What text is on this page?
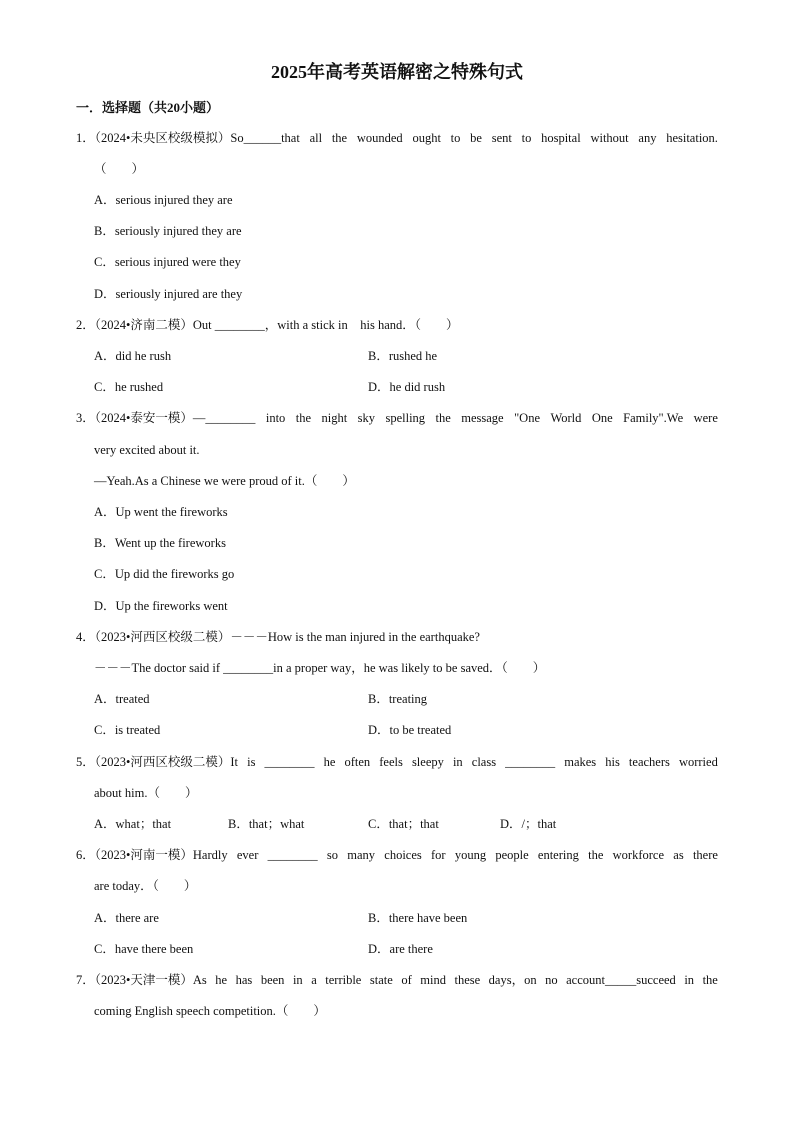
2025年高考英语解密之特殊句式
一．选择题（共20小题）
1．（2024•未央区校级模拟）So______that all the wounded ought to be sent to hospital without any hesitation.
（　　）
A．serious injured they are
B．seriously injured they are
C．serious injured were they
D．seriously injured are they
2．（2024•济南二模）Out ________，with a stick in　his hand．（　　）
A．did he rush	B．rushed he
C．he rushed	D．he did rush
3．（2024•泰安一模）—________ into the night sky spelling the message "One World One Family".We were
very excited about it.
—Yeah.As a Chinese we were proud of it.（　　）
A．Up went the fireworks
B．Went up the fireworks
C．Up did the fireworks go
D．Up the fireworks went
4．（2023•河西区校级二模）－－－How is the man injured in the earthquake?
－－－The doctor said if ________in a proper way，he was likely to be saved．（　　）
A．treated	B．treating
C．is treated	D．to be treated
5．（2023•河西区校级二模）It is ________ he often feels sleepy in class ________ makes his teachers worried
about him.（　　）
A．what；that	B．that；what	C．that；that	D．/；that
6．（2023•河南一模）Hardly ever ________ so many choices for young people entering the workforce as there
are today．（　　）
A．there are	B．there have been
C．have there been	D．are there
7．（2023•天津一模）As he has been in a terrible state of mind these days，on no account_____succeed in the
coming English speech competition.（　　）
